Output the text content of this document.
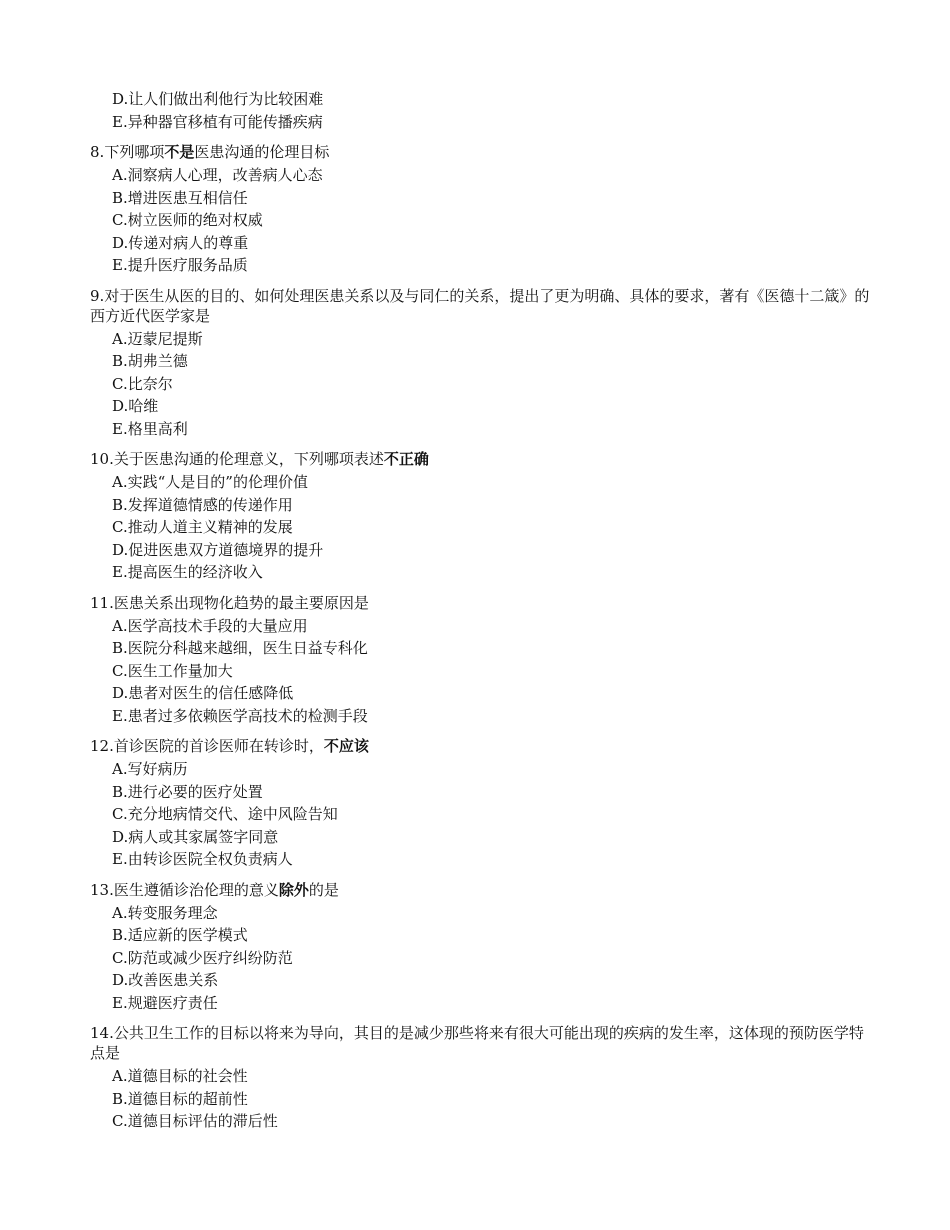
D.让人们做出利他行为比较困难
E.异种器官移植有可能传播疾病
8.下列哪项不是医患沟通的伦理目标
A.洞察病人心理，改善病人心态
B.增进医患互相信任
C.树立医师的绝对权威
D.传递对病人的尊重
E.提升医疗服务品质
9.对于医生从医的目的、如何处理医患关系以及与同仁的关系，提出了更为明确、具体的要求，著有《医德十二箴》的西方近代医学家是
A.迈蒙尼提斯
B.胡弗兰德
C.比奈尔
D.哈维
E.格里高利
10.关于医患沟通的伦理意义，下列哪项表述不正确
A.实践“人是目的”的伦理价值
B.发挥道德情感的传递作用
C.推动人道主义精神的发展
D.促进医患双方道德境界的提升
E.提高医生的经济收入
11.医患关系出现物化趋势的最主要原因是
A.医学高技术手段的大量应用
B.医院分科越来越细，医生日益专科化
C.医生工作量加大
D.患者对医生的信任感降低
E.患者过多依赖医学高技术的检测手段
12.首诊医院的首诊医师在转诊时，不应该
A.写好病历
B.进行必要的医疗处置
C.充分地病情交代、途中风险告知
D.病人或其家属签字同意
E.由转诊医院全权负责病人
13.医生遵循诊治伦理的意义除外的是
A.转变服务理念
B.适应新的医学模式
C.防范或减少医疗纠纷防范
D.改善医患关系
E.规避医疗责任
14.公共卫生工作的目标以将来为导向，其目的是减少那些将来有很大可能出现的疾病的发生率，这体现的预防医学特点是
A.道德目标的社会性
B.道德目标的超前性
C.道德目标评估的滞后性
